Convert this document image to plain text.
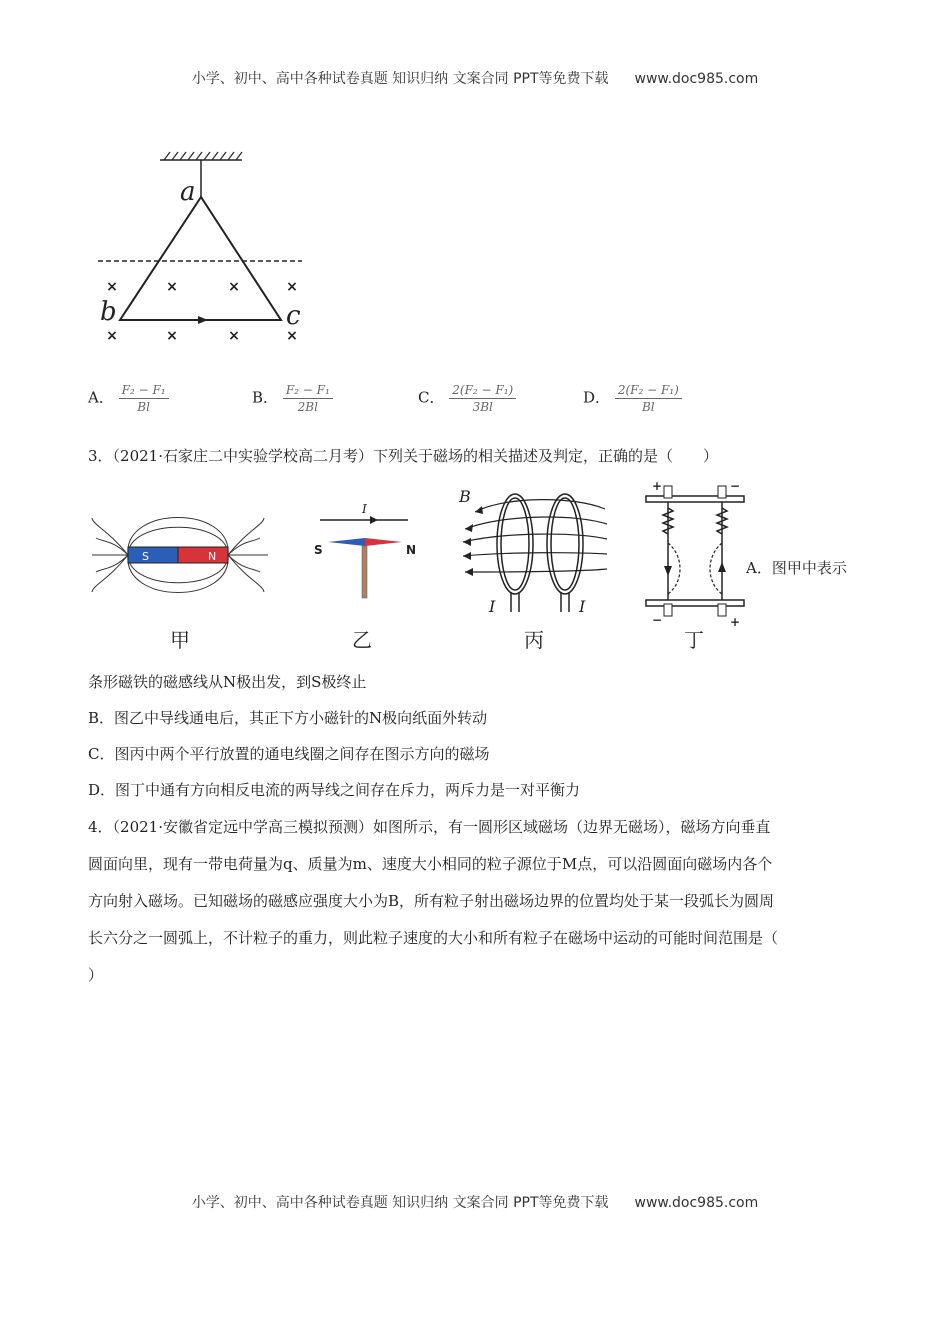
小学、初中、高中各种试卷真题 知识归纳 文案合同 PPT等免费下载 www.doc985.com
×	×	×	×
×	×	×	×
a
b	c
A． $\frac{\text{F₂ − F₁}}{Bl}$	B． $\frac{\text{F₂ − F₁}}{2Bl}$	C． $\frac{\text{2(F₂ − F₁)}}{3Bl}$	D． $\frac{\text{2(F₂ − F₁)}}{Bl}$
3．（2021·石家庄二中实验学校高二月考）下列关于磁场的相关描述及判定，正确的是（　　）
S	N
I
S	N
B
I	I
+	−
−	+
甲	乙	丙	丁
A．图甲中表示
条形磁铁的磁感线从N极出发，到S极终止
B．图乙中导线通电后，其正下方小磁针的N极向纸面外转动
C．图丙中两个平行放置的通电线圈之间存在图示方向的磁场
D．图丁中通有方向相反电流的两导线之间存在斥力，两斥力是一对平衡力
4．（2021·安徽省定远中学高三模拟预测）如图所示，有一圆形区域磁场（边界无磁场），磁场方向垂直
圆面向里，现有一带电荷量为q、质量为m、速度大小相同的粒子源位于M点，可以沿圆面向磁场内各个
方向射入磁场。已知磁场的磁感应强度大小为B，所有粒子射出磁场边界的位置均处于某一段弧长为圆周
长六分之一圆弧上，不计粒子的重力，则此粒子速度的大小和所有粒子在磁场中运动的可能时间范围是（
）
小学、初中、高中各种试卷真题 知识归纳 文案合同 PPT等免费下载 www.doc985.com
